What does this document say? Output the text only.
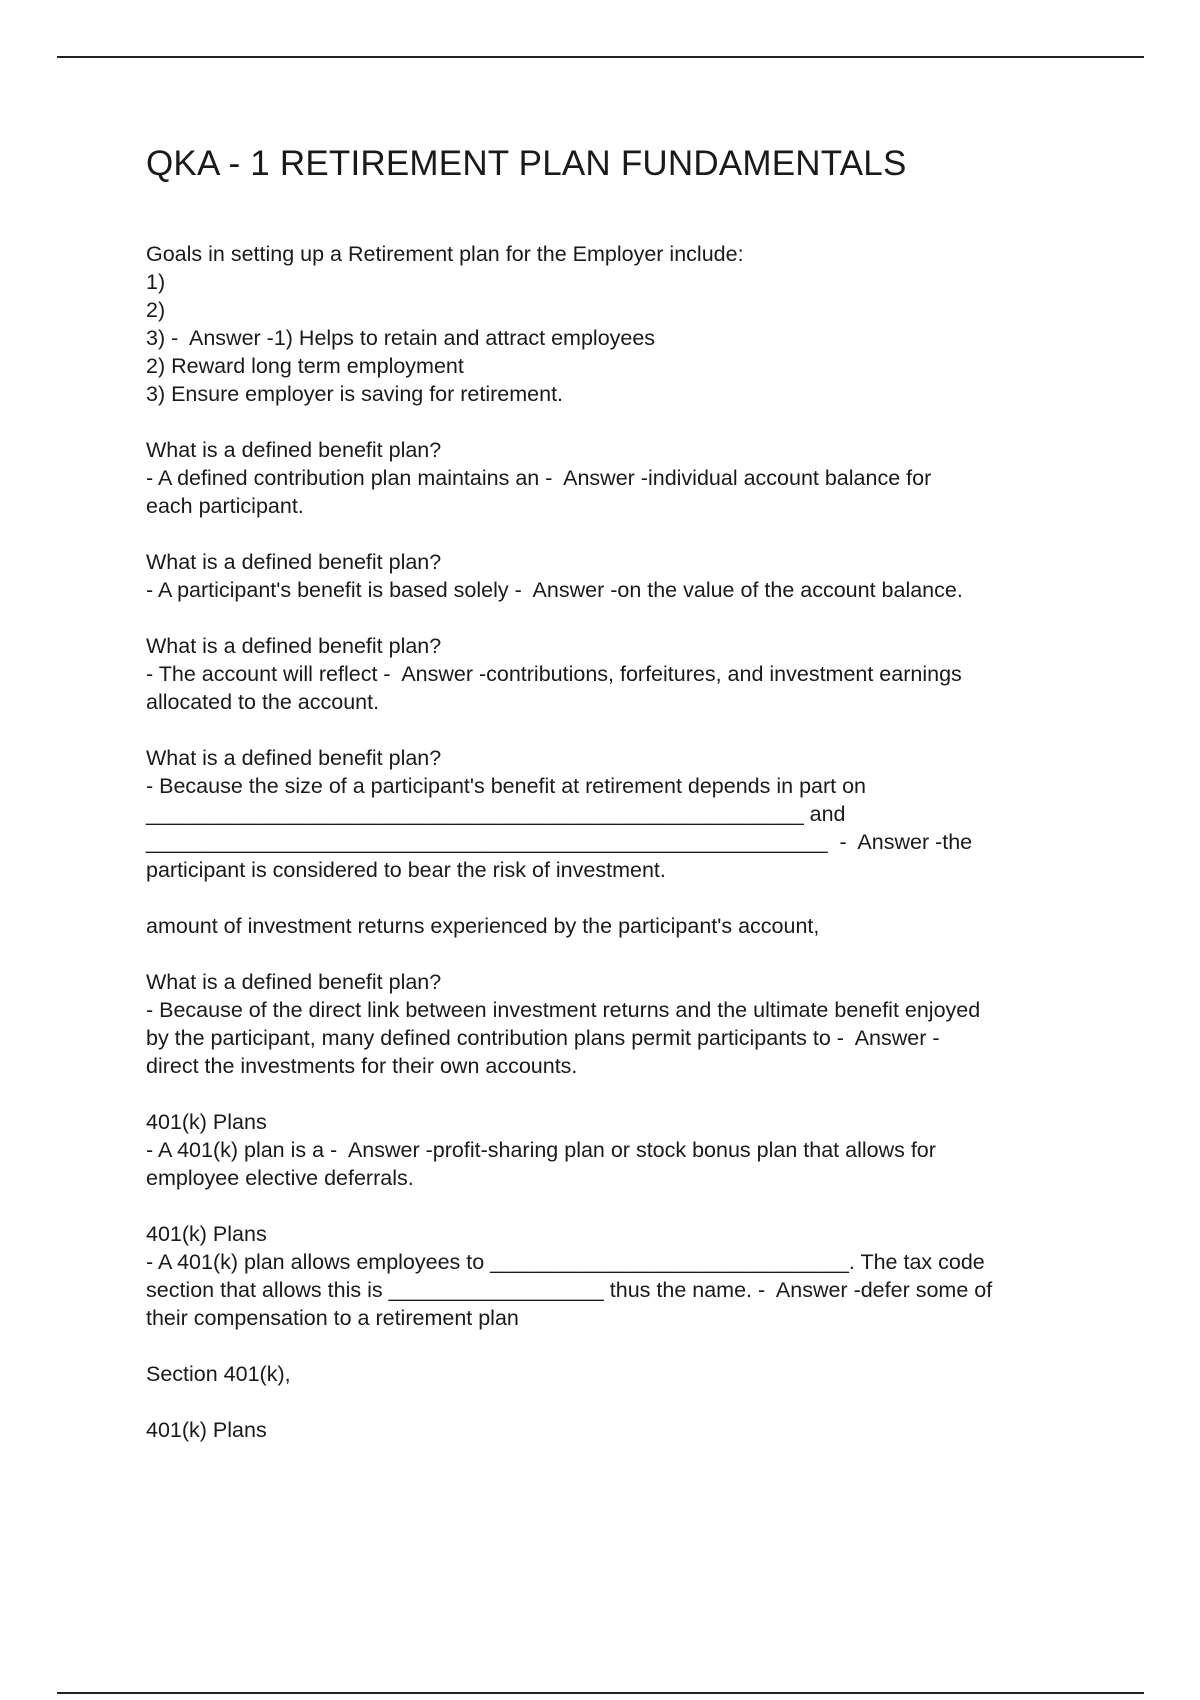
QKA - 1 RETIREMENT PLAN FUNDAMENTALS
Goals in setting up a Retirement plan for the Employer include:
1)
2)
3) -  Answer -1) Helps to retain and attract employees
2) Reward long term employment
3) Ensure employer is saving for retirement.
What is a defined benefit plan?
- A defined contribution plan maintains an -  Answer -individual account balance for
each participant.
What is a defined benefit plan?
- A participant's benefit is based solely -  Answer -on the value of the account balance.
What is a defined benefit plan?
- The account will reflect -  Answer -contributions, forfeitures, and investment earnings
allocated to the account.
What is a defined benefit plan?
- Because the size of a participant's benefit at retirement depends in part on
_______________________________________________________ and
_________________________________________________________  -  Answer -the
participant is considered to bear the risk of investment.
amount of investment returns experienced by the participant's account,
What is a defined benefit plan?
- Because of the direct link between investment returns and the ultimate benefit enjoyed
by the participant, many defined contribution plans permit participants to -  Answer -
direct the investments for their own accounts.
401(k) Plans
- A 401(k) plan is a -  Answer -profit-sharing plan or stock bonus plan that allows for
employee elective deferrals.
401(k) Plans
- A 401(k) plan allows employees to ______________________________. The tax code
section that allows this is __________________ thus the name. -  Answer -defer some of
their compensation to a retirement plan
Section 401(k),
401(k) Plans
